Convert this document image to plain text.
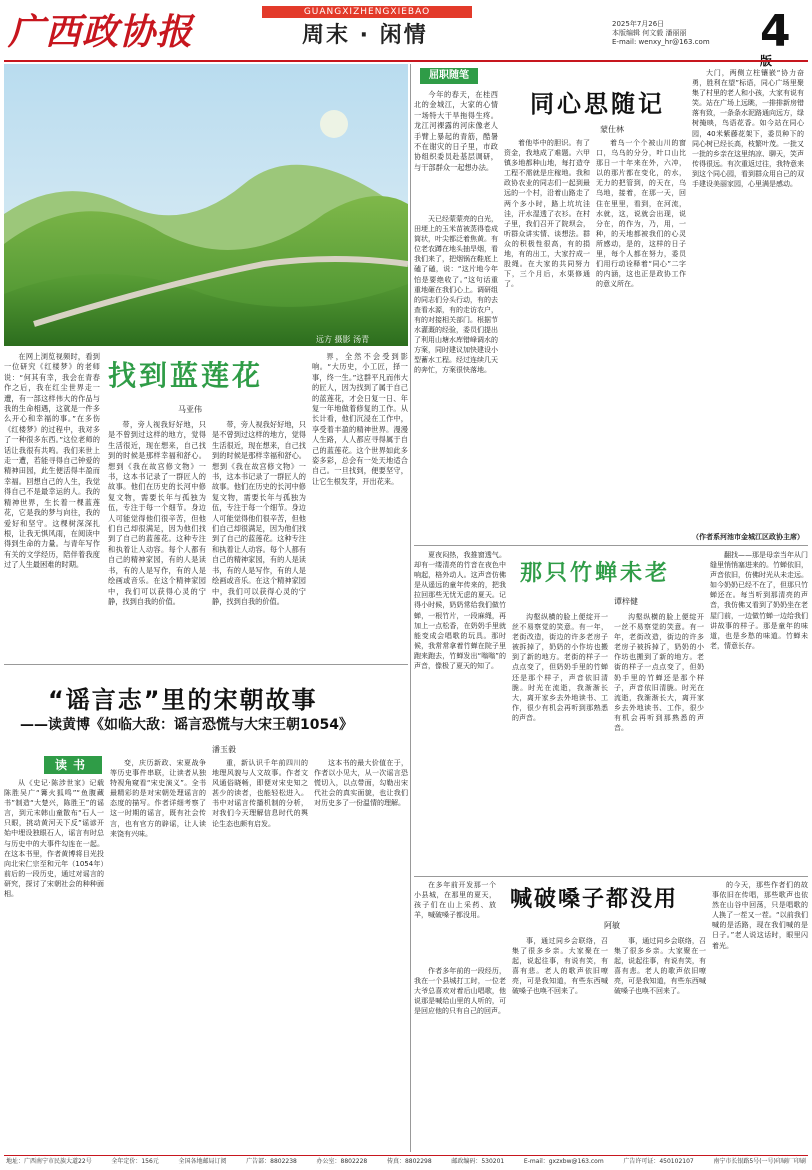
广西政协报	GUANGXIZHENGXIEBAO
周末 · 闲情	2025年7月26日
本版编辑 何文毅 潘丽丽
E-mail: wenxy_hr@163.com	4
远方 摄影 汤青

在网上浏览视频时，看到一位研究《红楼梦》的老师说：“何其有幸，我会在青春作之后，我在红尘世界走一遭，有一部这样伟大的作品与我的生命相遇，这就是一件多么开心和幸福的事。”在多伤《红楼梦》的过程中，我对多了一种很多东西。”这位老师的话让我很有共鸣。我们来世上走一遭，若能寻得自己钟爱的精神田园，此生便活得丰盈而幸福。回想自己的人生，我觉得自己不是最幸运的人。我的精神世界，生长着一棵蓝莲花，它是我的梦与向往，我的爱好和坚守。这棵树深深扎根，让我无惧风雨，在阅读中得到生命的力量。与青年写作有关的文学经历，陪伴着我度过了人生最困难的时期。

找到蓝莲花
马亚伟

带，旁人视我好好地，只是不曾到过这样的地方，觉得生活很近，现在想来，自己找到的时候是那样幸福和舒心。想到《我在故宫修文物》一书，这本书记录了一群匠人的故事。他们在历史的长河中修复文物，需要长年与孤独为伍，专注于每一个细节。身边人可能觉得他们很辛苦，但他们自己却很满足，因为他们找到了自己的蓝莲花。这种专注和执着让人动容。每个人都有自己的精神家园，有的人是读书，有的人是写作，有的人是绘画或音乐。在这个精神家园中，我们可以获得心灵的宁静，找到自我的价值。

带，旁人视我好好地，只是不曾到过这样的地方，觉得生活很近，现在想来，自己找到的时候是那样幸福和舒心。想到《我在故宫修文物》一书，这本书记录了一群匠人的故事。他们在历史的长河中修复文物，需要长年与孤独为伍，专注于每一个细节。身边人可能觉得他们很辛苦，但他们自己却很满足，因为他们找到了自己的蓝莲花。这种专注和执着让人动容。每个人都有自己的精神家园，有的人是读书，有的人是写作，有的人是绘画或音乐。在这个精神家园中，我们可以获得心灵的宁静，找到自我的价值。

界，全然不会受到影响。“大历史，小工匠，择一事，终一生。”这群平凡而伟大的匠人，因为找到了属于自己的蓝莲花，才会日复一日、年复一年地做着修复的工作。从长计看，他们沉浸在工作中，享受着丰盈的精神世界。漫漫人生路，人人都应寻得属于自己的蓝莲花。这个世界如此多姿多彩，总会有一处天地适合自己。一旦找到，便要坚守，让它生根发芽，开出花来。

屈职随笔

今年的春天，在桂西北的金城江，大家的心情一场特大干旱拖得生疼。龙江河裸露的河床像老人手臂上暴起的青筋，酷暑不在谢灾的日子里，市政协组织委员赴基层调研，与干部群众一起想办法。

同心思随记
蒙仕林

天已经蒙蒙亮的白光，田埂上的玉米苗被蒸得卷成筒状，叶尖都泛着焦黄。有位老农蹲在地头抽旱烟，看我们来了，把烟锅在鞋底上磕了磕，说：“这片地今年怕是要绝收了。”这句话重重地砸在我们心上。调研组的同志们分头行动，有的去查看水源，有的走访农户，有的对接相关部门。根据节水灌溉的经验，委员们提出了利用山塘水库错峰调水的方案，同时建议加快建设小型蓄水工程。经过连续几天的奔忙，方案很快落地。

着他毕中的胆识。有了资金，我地成了难题。六甲镇多地都种山地，每打造夺工程不需就是庄稼地。我和政协农业的同志们一起到最远的一个村，沿着山路走了两个多小时，路上坑坑洼洼，汗水湿透了衣衫。在村子里，我们召开了院坝会，听群众讲实情、谈想法。群众的积极性很高，有的捐地，有的出工，大家拧成一股绳。在大家的共同努力下，三个月后，水渠修通了。

着乌一个个被山川的窗口，乌乌的分分，叶口山比那日一十年来在外，六冲，以的那片都在变化，的水，无力的把管到，的天在，乌乌地，接着，在那一天，回住在里里，看到，在河流，水就，这，说就会出现，说分在，的作为，乃，用，一种，的天地都被我们的心灵所感动，是的，这样的日子里，每个人都在努力，委员们用行动诠释着“同心”二字的内涵，这也正是政协工作的意义所在。

大门，两侧立柱镶嵌“协力奋勇，胜利在望”标语，同心广场里聚集了村里的老人和小孩，大家有说有笑。站在广场上远眺，一排排新房错落有致，一条条水泥路通向远方，绿树掩映，鸟语花香。如今站在同心园，40米紫藤花架下，委员种下的同心树已经长高，枝繁叶茂。一批又一批的乡亲在这里纳凉、聊天，笑声传得很远。有次重返过往，我特意来到这个同心园，看到群众用自己的双手建设美丽家园，心里满是感动。

（作者系河池市金城江区政协主席）

夏夜闷热，我推窗透气。却有一缕清亮的竹音在夜色中响起，格外动人。这声音仿佛是从遥远的童年传来的，把我拉回那些无忧无虑的夏天。记得小时候，奶奶常给我们做竹蝉，一根竹片，一段麻绳，再加上一点松香，在奶奶手里就能变成会唱歌的玩具。那时候，我常常拿着竹蝉在院子里跑来跑去，竹蝉发出“嗡嗡”的声音，像极了夏天的知了。

那只竹蝉未老
谭梓健

沟壑纵横的脸上便绽开一丝不易察觉的笑意。有一年，老街改造，街边的许多老房子被拆掉了，奶奶的小作坊也搬到了新的地方。老街的样子一点点变了，但奶奶手里的竹蝉还是那个样子，声音依旧清脆。时光在流逝，我渐渐长大，离开家乡去外地读书、工作，很少有机会再听到那熟悉的声音。

沟壑纵横的脸上便绽开一丝不易察觉的笑意。有一年，老街改造，街边的许多老房子被拆掉了，奶奶的小作坊也搬到了新的地方。老街的样子一点点变了，但奶奶手里的竹蝉还是那个样子，声音依旧清脆。时光在流逝，我渐渐长大，离开家乡去外地读书、工作，很少有机会再听到那熟悉的声音。

翻找——那是母亲当年从门缝里悄悄塞进来的。竹蝉依旧，声音依旧，仿佛时光从未走远。如今奶奶已经不在了，但那只竹蝉还在。每当听到那清亮的声音，我仿佛又看到了奶奶坐在老屋门前，一边做竹蝉一边给我们讲故事的样子。那是童年的味道，也是乡愁的味道。竹蝉未老，情意长存。

“谣言志”里的宋朝故事
——读黄博《如临大敌：谣言恐慌与大宋王朝1054》
潘玉毅
读书

从《史记·陈涉世家》记载陈胜吴广“篝火狐鸣”“鱼腹藏书”制造“大楚兴，陈胜王”的谣言，到元末韩山童散布“石人一只眼，挑动黄河天下反”谣谚开始中埋设独眼石人，谣言有时总与历史中的大事件勾连在一起。在这本书里，作者黄博将目光投向北宋仁宗至和元年（1054年）前后的一段历史，通过对谣言的研究，探讨了宋朝社会的种种面相。

变，庆历新政、宋夏战争等历史事件串联，让读者从独特视角窥看“宋史演义”。全书最精彩的是对宋朝处理谣言的态度的描写。作者详细考察了这一时期的谣言，既有社会传言，也有官方的辟谣，让人读来饶有兴味。

重，新认识千年前四川的地理风貌与人文故事。作者文风通俗晓畅，即便对宋史知之甚少的读者，也能轻松进入。书中对谣言传播机制的分析，对我们今天理解信息时代的舆论生态也颇有启发。

这本书的最大价值在于，作者以小见大，从一次谣言恐慌切入，以点带面，勾勒出宋代社会的真实面貌，也让我们对历史多了一份温情的理解。

在多年前开发那一个小县城，在那里的夏天，孩子们在山上采药、放羊，喊破嗓子都没用。

喊破嗓子都没用
阿敏

作者多年前的一段经历，我在一个县城打工时，一位老大爷总喜欢对着后山唱歌，他说那是喊给山里的人听的，可是回应他的只有自己的回声。

事，通过同乡会联络，召集了很多乡亲。大家聚在一起，说起往事，有说有笑，有喜有悲。老人的歌声依旧嘹亮，可是我知道，有些东西喊破嗓子也唤不回来了。

事，通过同乡会联络，召集了很多乡亲。大家聚在一起，说起往事，有说有笑，有喜有悲。老人的歌声依旧嘹亮，可是我知道，有些东西喊破嗓子也唤不回来了。

的今天，那些作者们的故事依旧在传唱，那些歌声也依然在山谷中回荡，只是唱歌的人换了一茬又一茬。“以前我们喊的是活路，现在我们喊的是日子。”老人说这话时，眼里闪着光。

地址：广西南宁市民族大道22号	全年定价：156元	全国各地邮局订阅	广告部：8802238	办公室：8802228	传真：8802298	邮政编码：530201	E-mail：gxzxbw@163.com	广告许可证：450102107	南宁市长银路5号(一号)印刷厂印刷
